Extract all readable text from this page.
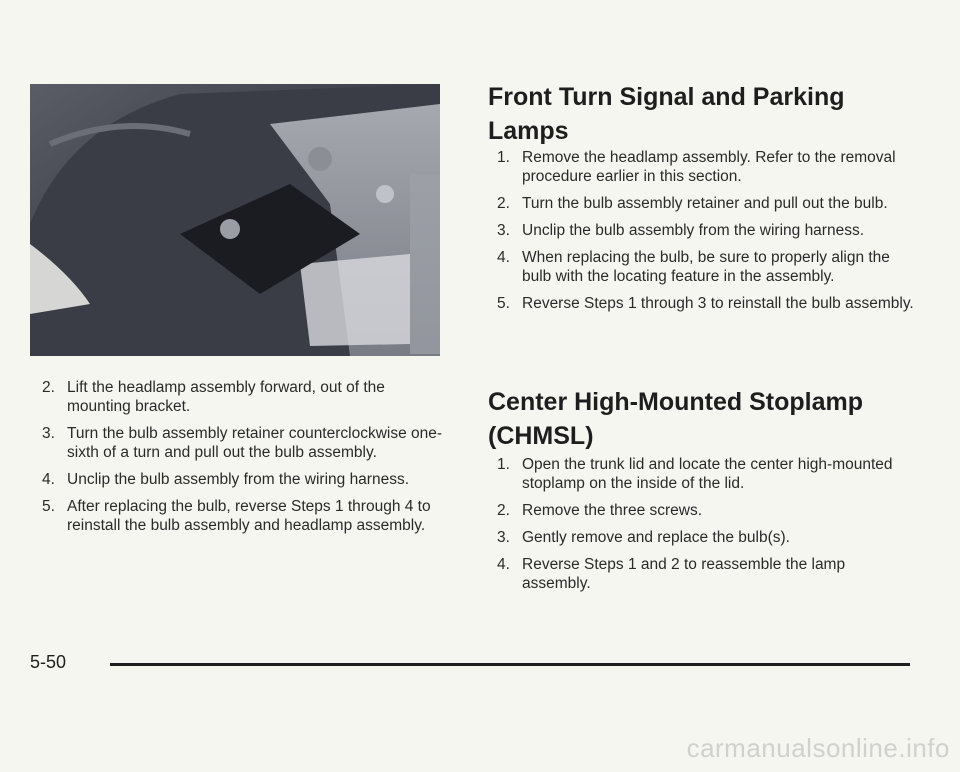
2. Lift the headlamp assembly forward, out of the mounting bracket.
3. Turn the bulb assembly retainer counterclockwise one-sixth of a turn and pull out the bulb assembly.
4. Unclip the bulb assembly from the wiring harness.
5. After replacing the bulb, reverse Steps 1 through 4 to reinstall the bulb assembly and headlamp assembly.
Front Turn Signal and Parking Lamps
1. Remove the headlamp assembly. Refer to the removal procedure earlier in this section.
2. Turn the bulb assembly retainer and pull out the bulb.
3. Unclip the bulb assembly from the wiring harness.
4. When replacing the bulb, be sure to properly align the bulb with the locating feature in the assembly.
5. Reverse Steps 1 through 3 to reinstall the bulb assembly.
Center High-Mounted Stoplamp (CHMSL)
1. Open the trunk lid and locate the center high-mounted stoplamp on the inside of the lid.
2. Remove the three screws.
3. Gently remove and replace the bulb(s).
4. Reverse Steps 1 and 2 to reassemble the lamp assembly.
5-50
carmanualsonline.info
